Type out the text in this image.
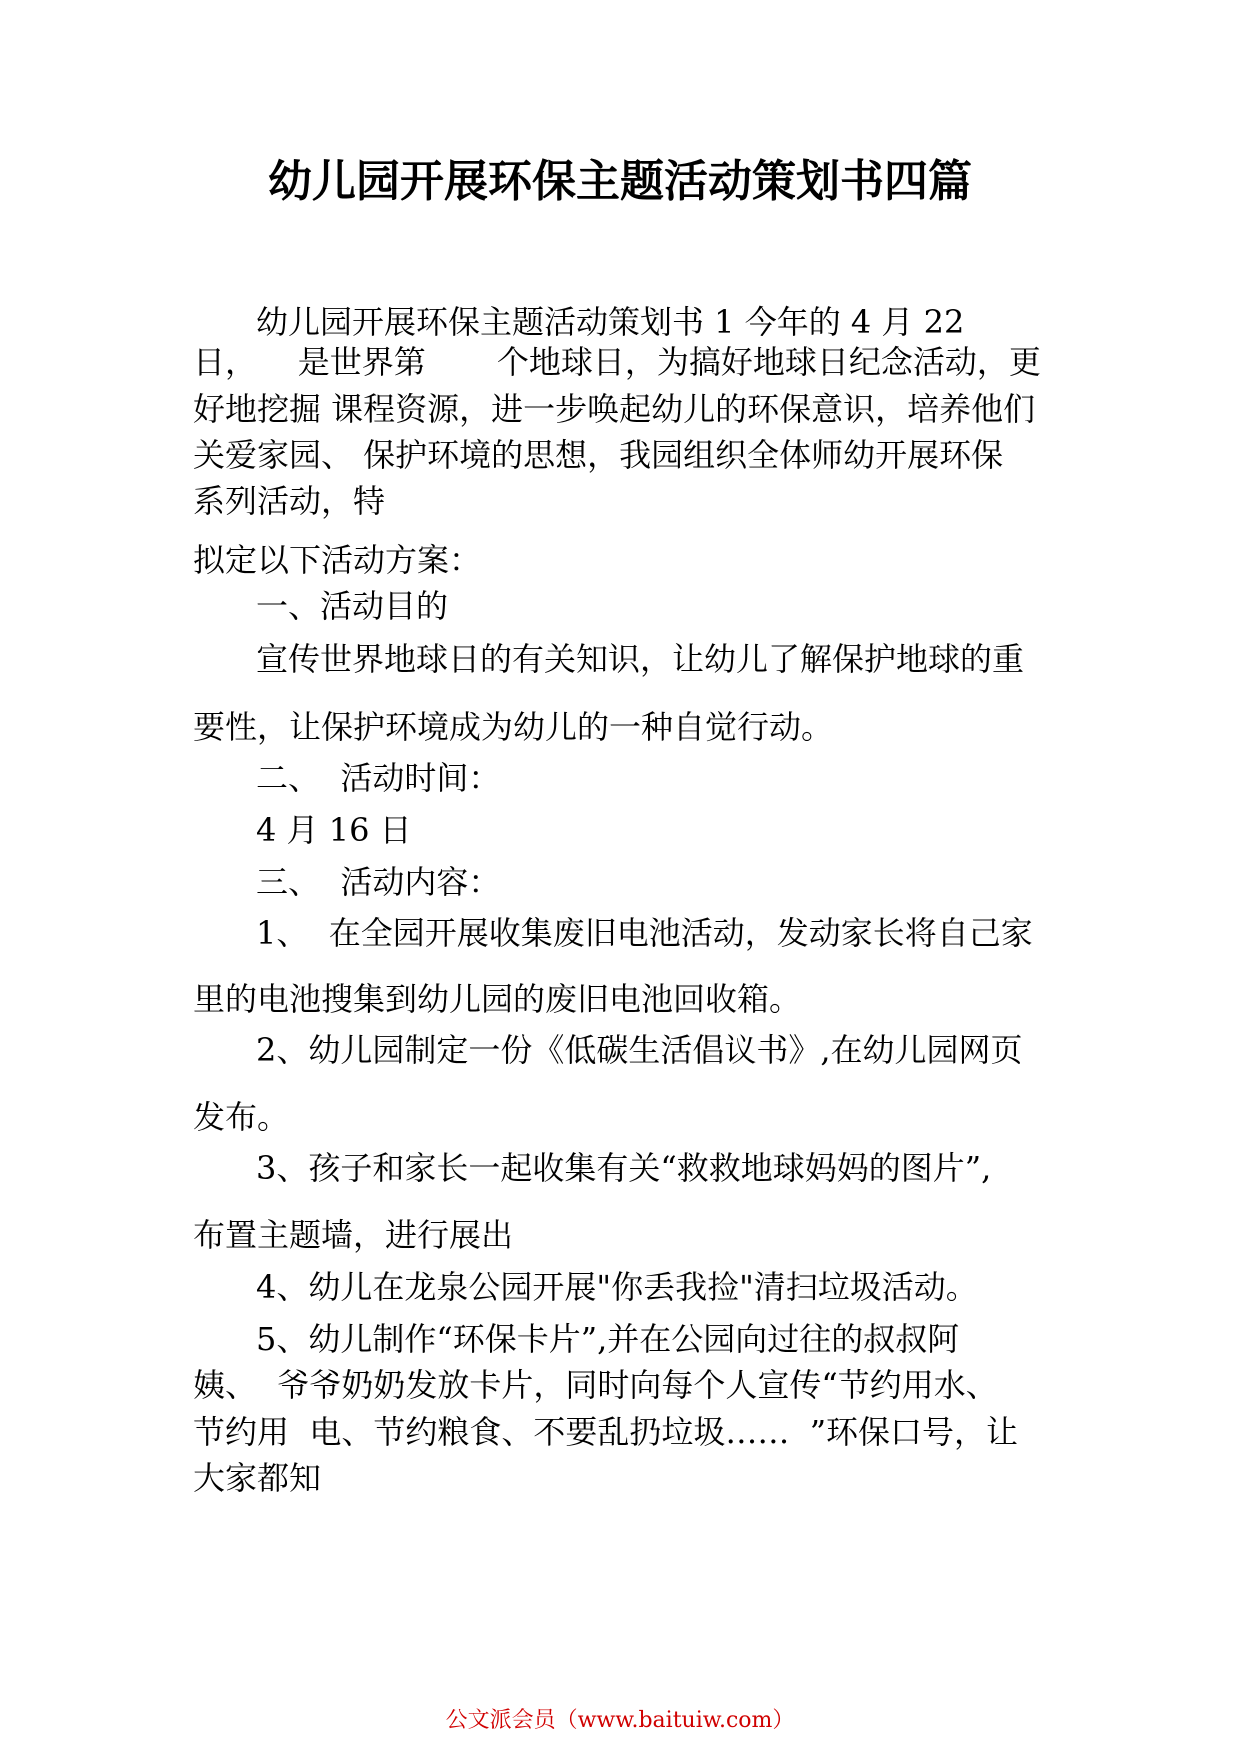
幼儿园开展环保主题活动策划书四篇
幼儿园开展环保主题活动策划书 1 今年的 4 月 22
日，    是世界第       个地球日，为搞好地球日纪念活动，更
好地挖掘 课程资源，进一步唤起幼儿的环保意识，培养他们
关爱家园、 保护环境的思想，我园组织全体师幼开展环保
系列活动，特
拟定以下活动方案：
一、活动目的
宣传世界地球日的有关知识，让幼儿了解保护地球的重
要性，让保护环境成为幼儿的一种自觉行动。
二、  活动时间：
4 月 16 日
三、  活动内容：
1、  在全园开展收集废旧电池活动，发动家长将自己家
里的电池搜集到幼儿园的废旧电池回收箱。
2、幼儿园制定一份《低碳生活倡议书》,在幼儿园网页
发布。
3、孩子和家长一起收集有关“救救地球妈妈的图片”,
布置主题墙，进行展出
4、幼儿在龙泉公园开展"你丢我捡"清扫垃圾活动。
5、幼儿制作“环保卡片”,并在公园向过往的叔叔阿
姨、  爷爷奶奶发放卡片，同时向每个人宣传“节约用水、
节约用  电、节约粮食、不要乱扔垃圾……  ”环保口号，让
大家都知
公文派会员（www.baituiw.com）
